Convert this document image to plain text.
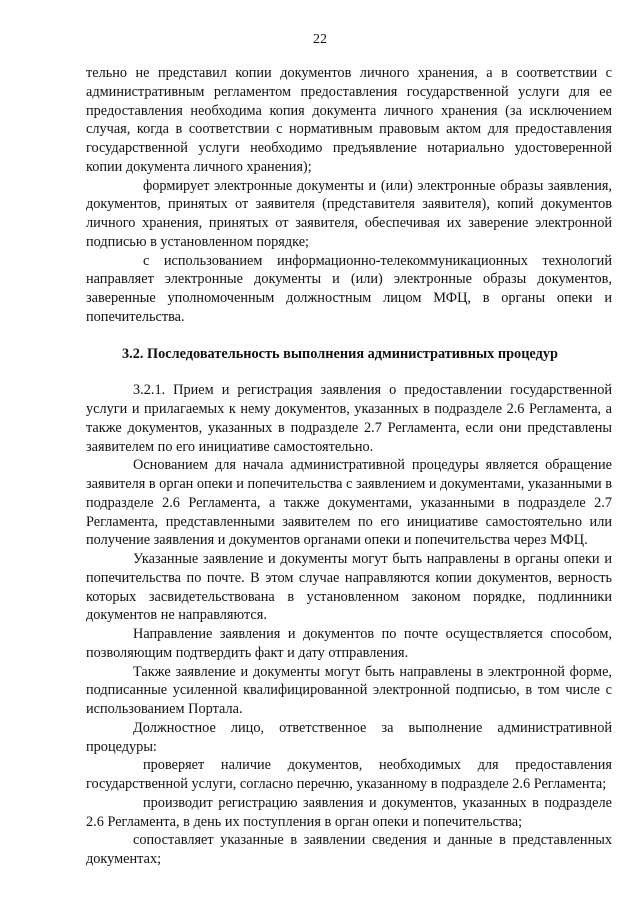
22

тельно не представил копии документов личного хранения, а в соответствии с административным регламентом предоставления государственной услуги для ее предоставления необходима копия документа личного хранения (за исключением случая, когда в соответствии с нормативным правовым актом для предоставления государственной услуги необходимо предъявление нотариально удостоверенной копии документа личного хранения);

формирует электронные документы и (или) электронные образы заявления, документов, принятых от заявителя (представителя заявителя), копий документов личного хранения, принятых от заявителя, обеспечивая их заверение электронной подписью в установленном порядке;

с использованием информационно-телекоммуникационных технологий направляет электронные документы и (или) электронные образы документов, заверенные уполномоченным должностным лицом МФЦ, в органы опеки и попечительства.

3.2. Последовательность выполнения административных процедур

3.2.1. Прием и регистрация заявления о предоставлении государственной услуги и прилагаемых к нему документов, указанных в подразделе 2.6 Регламента, а также документов, указанных в подразделе 2.7 Регламента, если они представлены заявителем по его инициативе самостоятельно.

Основанием для начала административной процедуры является обращение заявителя в орган опеки и попечительства с заявлением и документами, указанными в подразделе 2.6 Регламента, а также документами, указанными в подразделе 2.7 Регламента, представленными заявителем по его инициативе самостоятельно или получение заявления и документов органами опеки и попечительства через МФЦ.

Указанные заявление и документы могут быть направлены в органы опеки и попечительства по почте. В этом случае направляются копии документов, верность которых засвидетельствована в установленном законом порядке, подлинники документов не направляются.

Направление заявления и документов по почте осуществляется способом, позволяющим подтвердить факт и дату отправления.

Также заявление и документы могут быть направлены в электронной форме, подписанные усиленной квалифицированной электронной подписью, в том числе с использованием Портала.

Должностное лицо, ответственное за выполнение административной процедуры:

проверяет наличие документов, необходимых для предоставления государственной услуги, согласно перечню, указанному в подразделе 2.6 Регламента;

производит регистрацию заявления и документов, указанных в подразделе 2.6 Регламента, в день их поступления в орган опеки и попечительства;

сопоставляет указанные в заявлении сведения и данные в представленных документах;
